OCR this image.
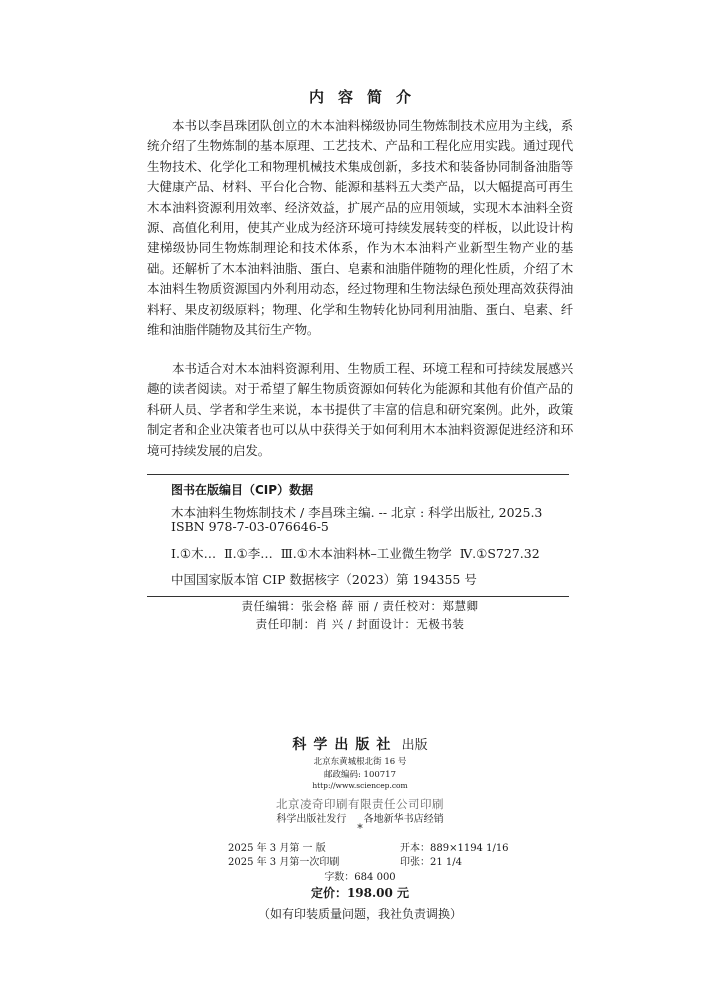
内容简介
本书以李昌珠团队创立的木本油料梯级协同生物炼制技术应用为主线，系统介绍了生物炼制的基本原理、工艺技术、产品和工程化应用实践。通过现代生物技术、化学化工和物理机械技术集成创新，多技术和装备协同制备油脂等大健康产品、材料、平台化合物、能源和基料五大类产品，以大幅提高可再生木本油料资源利用效率、经济效益，扩展产品的应用领域，实现木本油料全资源、高值化利用，使其产业成为经济环境可持续发展转变的样板，以此设计构建梯级协同生物炼制理论和技术体系，作为木本油料产业新型生物产业的基础。还解析了木本油料油脂、蛋白、皂素和油脂伴随物的理化性质，介绍了木本油料生物质资源国内外利用动态，经过物理和生物法绿色预处理高效获得油料籽、果皮初级原料；物理、化学和生物转化协同利用油脂、蛋白、皂素、纤维和油脂伴随物及其衍生产物。
本书适合对木本油料资源利用、生物质工程、环境工程和可持续发展感兴趣的读者阅读。对于希望了解生物质资源如何转化为能源和其他有价值产品的科研人员、学者和学生来说，本书提供了丰富的信息和研究案例。此外，政策制定者和企业决策者也可以从中获得关于如何利用木本油料资源促进经济和环境可持续发展的启发。
图书在版编目（CIP）数据
木本油料生物炼制技术 / 李昌珠主编. -- 北京 : 科学出版社, 2025.3
ISBN 978-7-03-076646-5
Ⅰ.①木… Ⅱ.①李… Ⅲ.①木本油料林–工业微生物学 Ⅳ.①S727.32
中国国家版本馆 CIP 数据核字（2023）第 194355 号
责任编辑：张会格 薛 丽 / 责任校对：郑慧卿
责任印制：肖 兴 / 封面设计：无极书装
科学出版社 出版
北京东黄城根北街 16 号
邮政编码: 100717
http://www.sciencep.com
北京凌奇印刷有限责任公司印刷
科学出版社发行 各地新华书店经销
*
2025 年 3 月第 一 版	开本：889×1194 1/16
2025 年 3 月第一次印刷	印张：21 1/4
字数：684 000
定价：198.00 元
（如有印装质量问题，我社负责调换）
